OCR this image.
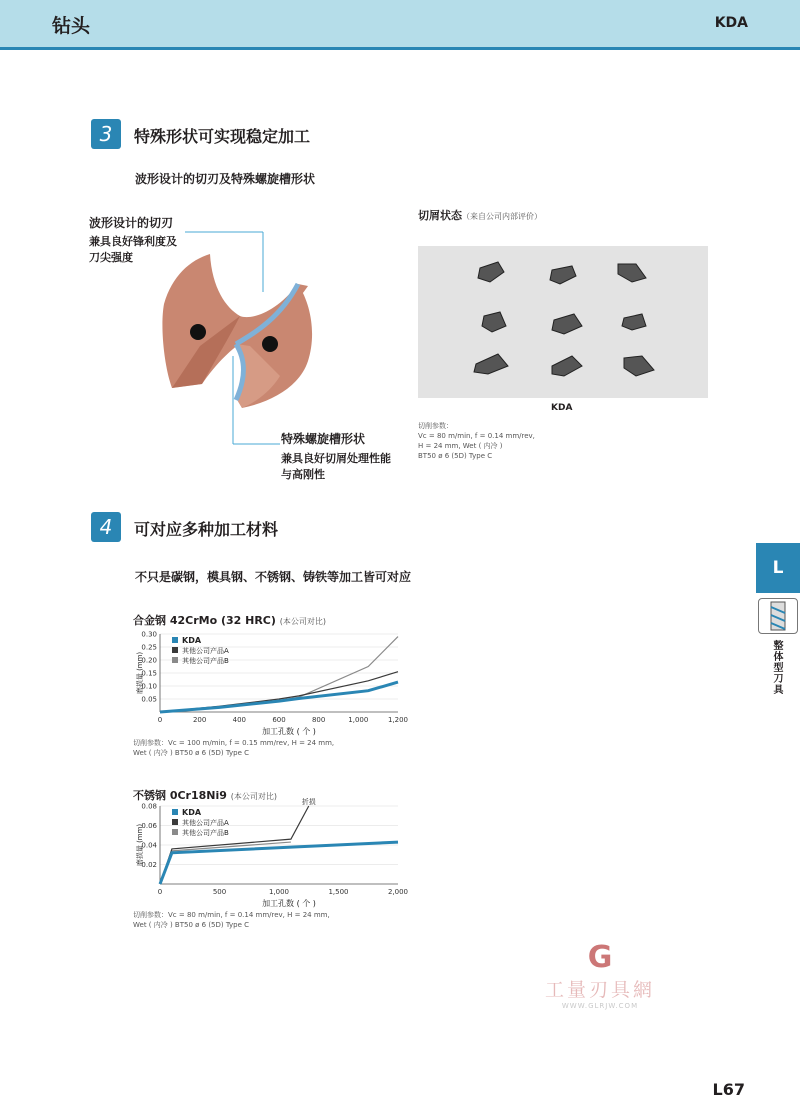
钻头	KDA
3	特殊形状可实现稳定加工
波形设计的切刃及特殊螺旋槽形状
波形设计的切刃
兼具良好锋利度及
刀尖强度
特殊螺旋槽形状
兼具良好切屑处理性能
与高刚性
切屑状态（来自公司内部评价）
KDA
切削参数：
Vc = 80 m/min, f = 0.14 mm/rev,
H = 24 mm, Wet ( 内冷 )
BT50 ø 6 (5D) Type C
4	可对应多种加工材料
不只是碳钢，模具钢、不锈钢、铸铁等加工皆可对应
合金钢 42CrMo (32 HRC) (本公司对比)
0.05
0.10
0.15
0.20
0.25
0.30
0	200	400	600	800	1,000	1,200
加工孔数 ( 个 )
磨损量 (mm)
KDA
其他公司产品A
其他公司产品B
切削参数：Vc = 100 m/min, f = 0.15 mm/rev, H = 24 mm,
Wet ( 内冷 ) BT50 ø 6 (5D) Type C
不锈钢 0Cr18Ni9 (本公司对比)
0.02
0.04
0.06
0.08
0	500	1,000	1,500	2,000
加工孔数 ( 个 )
磨损量 (mm)
KDA
其他公司产品A
其他公司产品B
折损
切削参数：Vc = 80 m/min, f = 0.14 mm/rev, H = 24 mm,
Wet ( 内冷 ) BT50 ø 6 (5D) Type C
L
整体型刀具
G
工量刃具網
WWW.GLRJW.COM
L67
